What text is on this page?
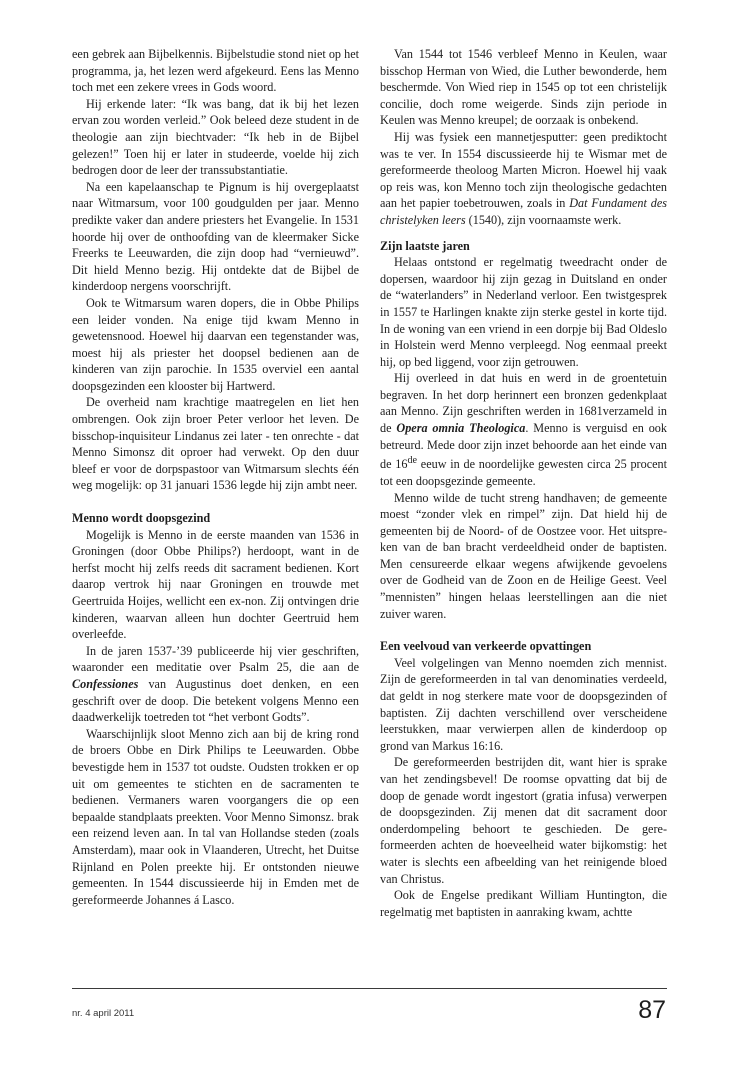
een gebrek aan Bijbelkennis. Bijbelstudie stond niet op het programma, ja, het lezen werd afgekeurd. Eens las Menno toch met een zekere vrees in Gods woord.

Hij erkende later: “Ik was bang, dat ik bij het lezen ervan zou worden verleid.” Ook beleed deze student in de theologie aan zijn biechtvader: “Ik heb in de Bijbel gelezen!” Toen hij er later in studeerde, voelde hij zich bedrogen door de leer der transsubstantiatie.

Na een kapelaanschap te Pignum is hij overgeplaatst naar Witmarsum, voor 100 goudgulden per jaar. Menno predikte vaker dan andere priesters het Evangelie. In 1531 hoorde hij over de onthoofding van de kleermaker Sicke Freerks te Leeuwarden, die zijn doop had “vernieuwd”. Dit hield Menno bezig. Hij ontdekte dat de Bijbel de kinderdoop nergens voorschrijft.

Ook te Witmarsum waren dopers, die in Obbe Philips een leider vonden. Na enige tijd kwam Menno in gewetensnood. Hoewel hij daarvan een tegenstander was, moest hij als priester het doopsel bedienen aan de kinderen van zijn parochie. In 1535 overviel een aantal doopsgezinden een klooster bij Hartwerd.

De overheid nam krachtige maatregelen en liet hen ombrengen. Ook zijn broer Peter verloor het leven. De bisschop-inquisiteur Lindanus zei later - ten onrechte - dat Menno Simonsz dit oproer had verwekt. Op den duur bleef er voor de dorpspastoor van Witmarsum slechts één weg mogelijk: op 31 januari 1536 legde hij zijn ambt neer.

Menno wordt doopsgezind

Mogelijk is Menno in de eerste maanden van 1536 in Groningen (door Obbe Philips?) herdoopt, want in de herfst mocht hij zelfs reeds dit sacrament bedienen. Kort daarop vertrok hij naar Groningen en trouwde met Geertruida Hoijes, wellicht een ex-non. Zij ontvingen drie kinderen, waarvan alleen hun dochter Geertruid hem overleefde.

In de jaren 1537-’39 publiceerde hij vier geschriften, waaronder een meditatie over Psalm 25, die aan de Confessiones van Augustinus doet denken, en een geschrift over de doop. Die betekent volgens Menno een daadwerkelijk toetreden tot “het verbont Godts”.

Waarschijnlijk sloot Menno zich aan bij de kring rond de broers Obbe en Dirk Philips te Leeuwarden. Obbe bevestigde hem in 1537 tot oudste. Oudsten trokken er op uit om gemeentes te stichten en de sacramenten te bedienen. Vermaners waren voorgangers die op een bepaalde standplaats preekten. Voor Menno Simonsz. brak een reizend leven aan. In tal van Hollandse steden (zoals Amsterdam), maar ook in Vlaanderen, Utrecht, het Duitse Rijnland en Polen preekte hij. Er ontstonden nieuwe gemeenten. In 1544 discussieerde hij in Emden met de gereformeerde Johannes á Lasco.

Van 1544 tot 1546 verbleef Menno in Keulen, waar bisschop Herman von Wied, die Luther bewonderde, hem beschermde. Von Wied riep in 1545 op tot een christelijk concilie, doch rome weigerde. Sinds zijn periode in Keulen was Menno kreupel; de oorzaak is onbekend.

Hij was fysiek een mannetjesputter: geen prediktocht was te ver. In 1554 discussieerde hij te Wismar met de gereformeerde theoloog Marten Micron. Hoewel hij vaak op reis was, kon Menno toch zijn theologische gedachten aan het papier toebetrouwen, zoals in Dat Fundament des christelyken leers (1540), zijn voornaamste werk.

Zijn laatste jaren

Helaas ontstond er regelmatig tweedracht onder de dopersen, waardoor hij zijn gezag in Duitsland en onder de “waterlanders” in Nederland verloor. Een twistgesprek in 1557 te Harlingen knakte zijn sterke gestel in korte tijd. In de woning van een vriend in een dorpje bij Bad Oldeslo in Holstein werd Menno verpleegd. Nog eenmaal preekt hij, op bed liggend, voor zijn getrouwen.

Hij overleed in dat huis en werd in de groentetuin begraven. In het dorp herinnert een bronzen gedenkplaat aan Menno. Zijn geschriften werden in 1681verzameld in de Opera omnia Theologica. Menno is verguisd en ook betreurd. Mede door zijn inzet behoorde aan het einde van de 16de eeuw in de noordelijke gewesten circa 25 procent tot een doopsgezinde gemeente.

Menno wilde de tucht streng handhaven; de gemeente moest “zonder vlek en rimpel” zijn. Dat hield hij de gemeenten bij de Noord- of de Oostzee voor. Het uitspreken van de ban bracht verdeeldheid onder de baptisten. Men censureerde elkaar wegens afwijkende gevoelens over de Godheid van de Zoon en de Heilige Geest. Veel ”mennisten” hingen helaas leerstellingen aan die niet zuiver waren.

Een veelvoud van verkeerde opvattingen

Veel volgelingen van Menno noemden zich mennist. Zijn de gereformeerden in tal van denominaties verdeeld, dat geldt in nog sterkere mate voor de doopsgezinden of baptisten. Zij dachten verschillend over verscheidene leerstukken, maar verwierpen allen de kinderdoop op grond van Markus 16:16.

De gereformeerden bestrijden dit, want hier is sprake van het zendingsbevel! De roomse opvatting dat bij de doop de genade wordt ingestort (gratia infusa) verwerpen de doopsgezinden. Zij menen dat dit sacrament door onderdompeling behoort te geschieden. De gereformeerden achten de hoeveelheid water bijkomstig: het water is slechts een afbeelding van het reinigende bloed van Christus.

Ook de Engelse predikant William Huntington, die regelmatig met baptisten in aanraking kwam, achtte

nr. 4 april 2011	87
